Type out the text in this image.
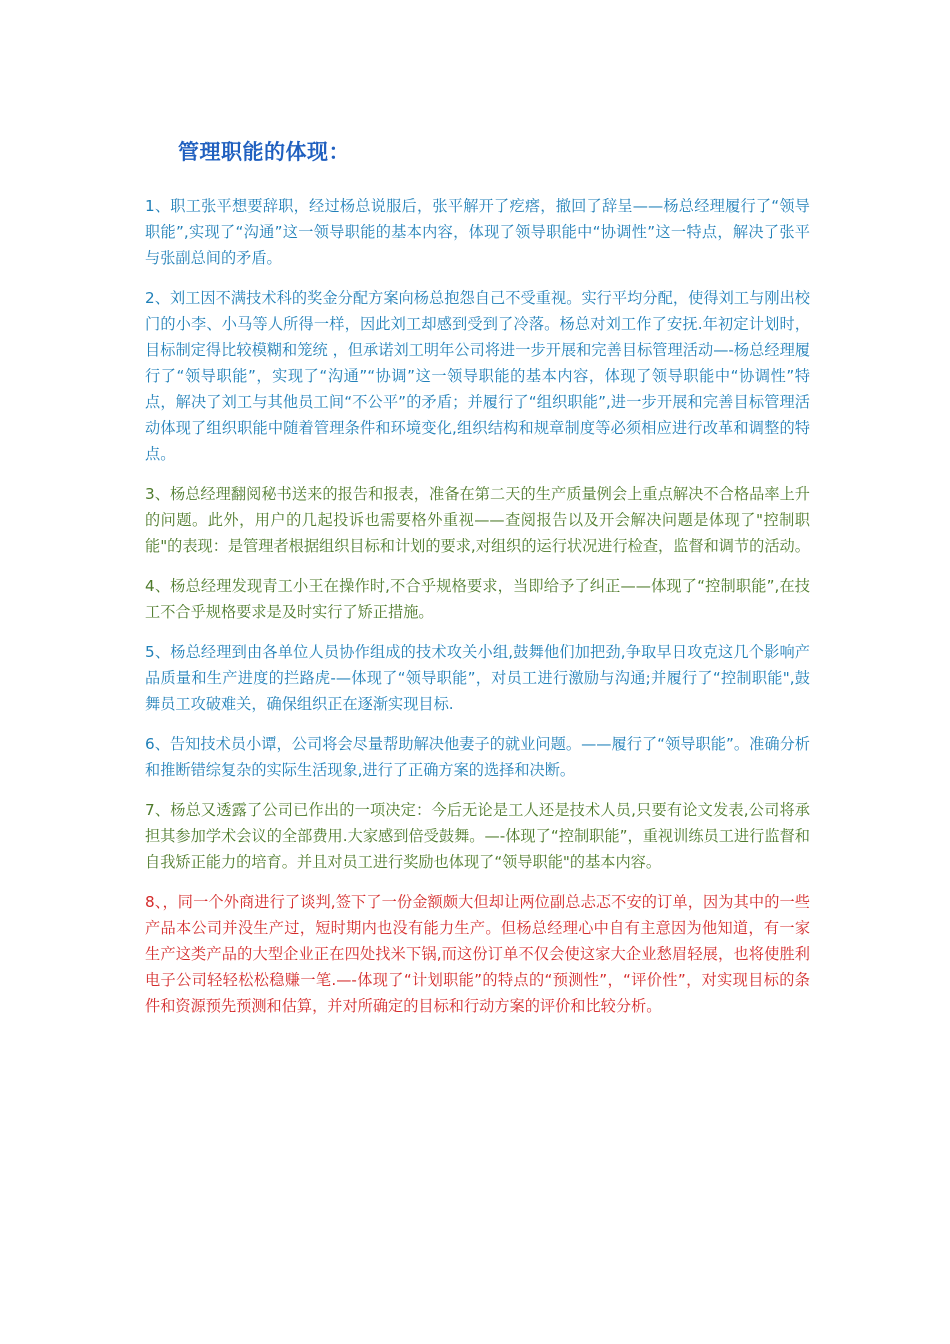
管理职能的体现：

1、职工张平想要辞职，经过杨总说服后，张平解开了疙瘩，撤回了辞呈——杨总经理履行了“领导职能”,实现了“沟通”这一领导职能的基本内容，体现了领导职能中“协调性”这一特点，解决了张平与张副总间的矛盾。

2、刘工因不满技术科的奖金分配方案向杨总抱怨自己不受重视。实行平均分配，使得刘工与刚出校门的小李、小马等人所得一样，因此刘工却感到受到了冷落。杨总对刘工作了安抚.年初定计划时，目标制定得比较模糊和笼统 ，但承诺刘工明年公司将进一步开展和完善目标管理活动—-杨总经理履行了“领导职能”，实现了“沟通”“协调”这一领导职能的基本内容，体现了领导职能中“协调性”特点，解决了刘工与其他员工间“不公平”的矛盾；并履行了“组织职能”,进一步开展和完善目标管理活动体现了组织职能中随着管理条件和环境变化,组织结构和规章制度等必须相应进行改革和调整的特点。

3、杨总经理翻阅秘书送来的报告和报表，准备在第二天的生产质量例会上重点解决不合格品率上升的问题。此外，用户的几起投诉也需要格外重视——查阅报告以及开会解决问题是体现了"控制职能"的表现：是管理者根据组织目标和计划的要求,对组织的运行状况进行检查，监督和调节的活动。

4、杨总经理发现青工小王在操作时,不合乎规格要求，当即给予了纠正——体现了“控制职能”,在技工不合乎规格要求是及时实行了矫正措施。

5、杨总经理到由各单位人员协作组成的技术攻关小组,鼓舞他们加把劲,争取早日攻克这几个影响产品质量和生产进度的拦路虎-—体现了“领导职能”，对员工进行激励与沟通;并履行了“控制职能",鼓舞员工攻破难关，确保组织正在逐渐实现目标.

6、告知技术员小谭，公司将会尽量帮助解决他妻子的就业问题。——履行了“领导职能”。准确分析和推断错综复杂的实际生活现象,进行了正确方案的选择和决断。

7、杨总又透露了公司已作出的一项决定：今后无论是工人还是技术人员,只要有论文发表,公司将承担其参加学术会议的全部费用.大家感到倍受鼓舞。—-体现了“控制职能”，重视训练员工进行监督和自我矫正能力的培育。并且对员工进行奖励也体现了“领导职能"的基本内容。

8、，同一个外商进行了谈判,签下了一份金额颇大但却让两位副总忐忑不安的订单，因为其中的一些产品本公司并没生产过，短时期内也没有能力生产。但杨总经理心中自有主意因为他知道，有一家生产这类产品的大型企业正在四处找米下锅,而这份订单不仅会使这家大企业愁眉轻展，也将使胜利电子公司轻轻松松稳赚一笔.—-体现了“计划职能”的特点的“预测性”，“评价性”，对实现目标的条件和资源预先预测和估算，并对所确定的目标和行动方案的评价和比较分析。
